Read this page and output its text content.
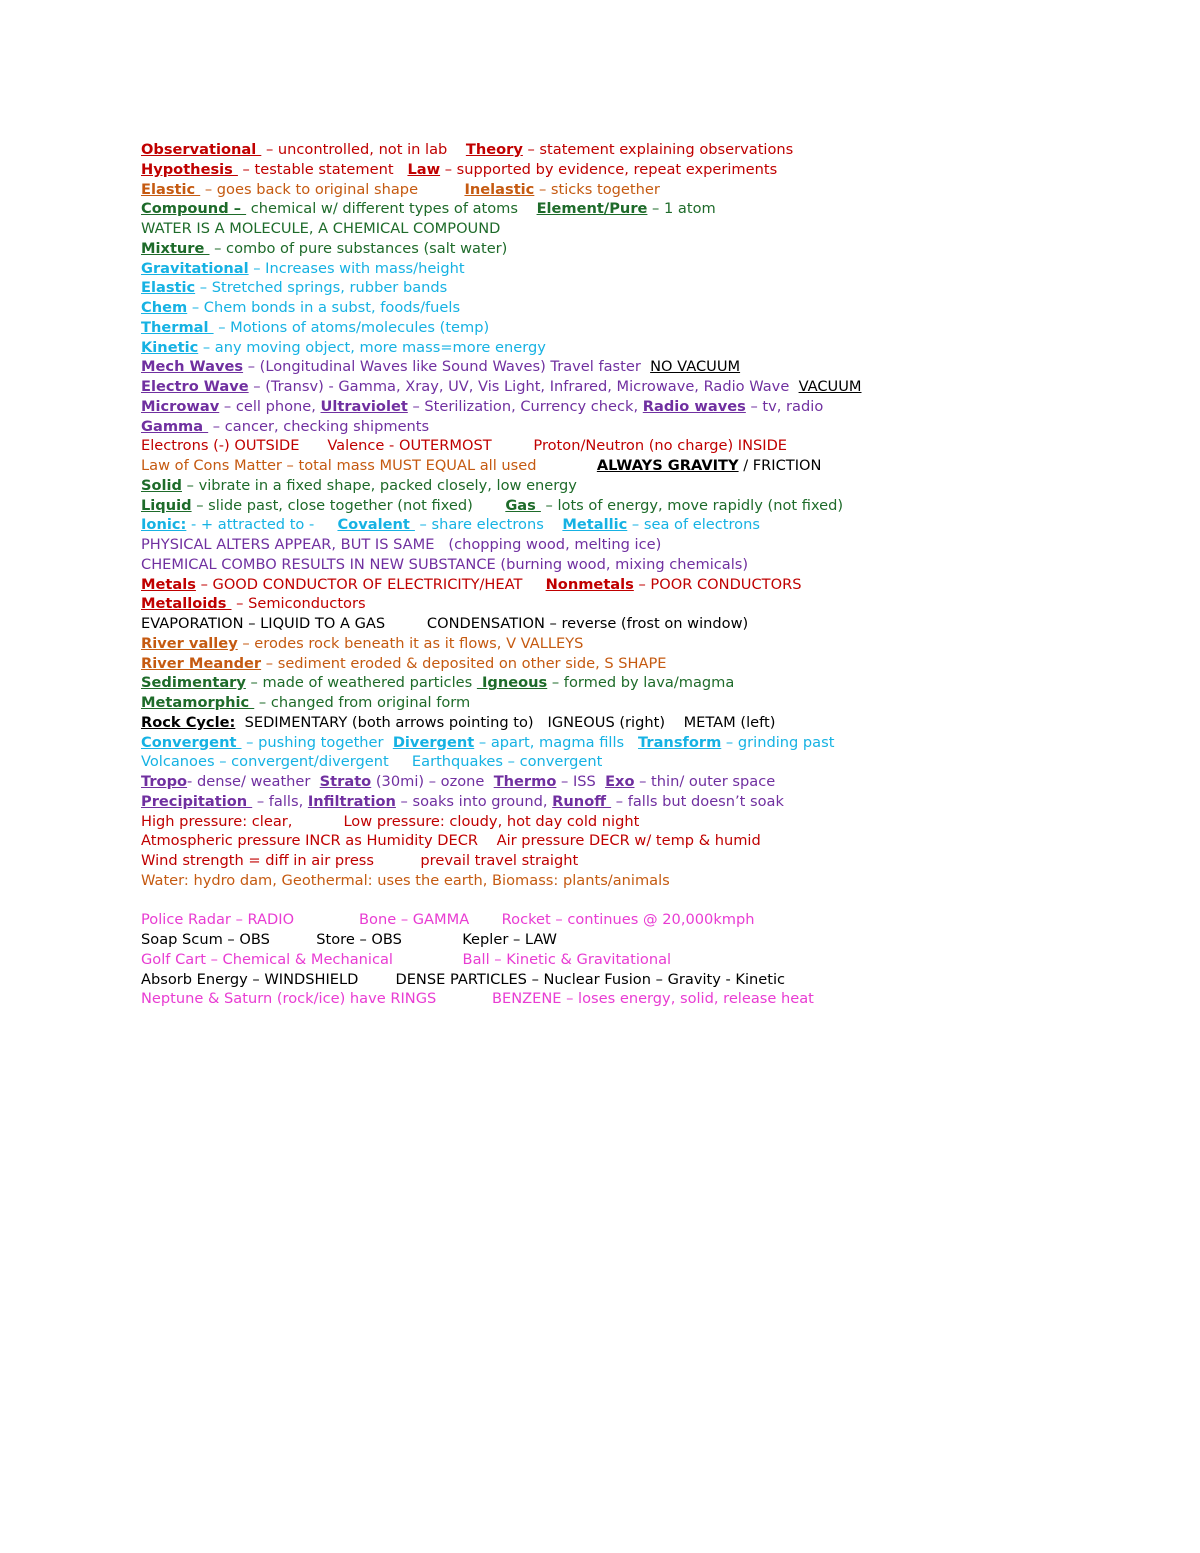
Observational  – uncontrolled, not in lab    Theory – statement explaining observations
Hypothesis  – testable statement   Law – supported by evidence, repeat experiments
Elastic  – goes back to original shape          Inelastic – sticks together
Compound –  chemical w/ different types of atoms    Element/Pure – 1 atom
WATER IS A MOLECULE, A CHEMICAL COMPOUND
Mixture  – combo of pure substances (salt water)
Gravitational – Increases with mass/height
Elastic – Stretched springs, rubber bands
Chem – Chem bonds in a subst, foods/fuels
Thermal  – Motions of atoms/molecules (temp)
Kinetic – any moving object, more mass=more energy
Mech Waves – (Longitudinal Waves like Sound Waves) Travel faster  NO VACUUM
Electro Wave – (Transv) - Gamma, Xray, UV, Vis Light, Infrared, Microwave, Radio Wave  VACUUM
Microwav – cell phone, Ultraviolet – Sterilization, Currency check, Radio waves – tv, radio
Gamma  – cancer, checking shipments
Electrons (-) OUTSIDE      Valence - OUTERMOST         Proton/Neutron (no charge) INSIDE
Law of Cons Matter – total mass MUST EQUAL all used             ALWAYS GRAVITY / FRICTION
Solid – vibrate in a fixed shape, packed closely, low energy
Liquid – slide past, close together (not fixed)       Gas  – lots of energy, move rapidly (not fixed)
Ionic: - + attracted to -     Covalent  – share electrons    Metallic – sea of electrons
PHYSICAL ALTERS APPEAR, BUT IS SAME   (chopping wood, melting ice)
CHEMICAL COMBO RESULTS IN NEW SUBSTANCE (burning wood, mixing chemicals)
Metals – GOOD CONDUCTOR OF ELECTRICITY/HEAT     Nonmetals – POOR CONDUCTORS
Metalloids  – Semiconductors
EVAPORATION – LIQUID TO A GAS         CONDENSATION – reverse (frost on window)
River valley – erodes rock beneath it as it flows, V VALLEYS
River Meander – sediment eroded & deposited on other side, S SHAPE
Sedimentary – made of weathered particles  Igneous – formed by lava/magma
Metamorphic  – changed from original form
Rock Cycle:  SEDIMENTARY (both arrows pointing to)   IGNEOUS (right)    METAM (left)
Convergent  – pushing together  Divergent – apart, magma fills   Transform – grinding past
Volcanoes – convergent/divergent     Earthquakes – convergent
Tropo- dense/ weather  Strato (30mi) – ozone  Thermo – ISS  Exo – thin/ outer space
Precipitation  – falls, Infiltration – soaks into ground, Runoff  – falls but doesn’t soak
High pressure: clear,           Low pressure: cloudy, hot day cold night
Atmospheric pressure INCR as Humidity DECR    Air pressure DECR w/ temp & humid
Wind strength = diff in air press          prevail travel straight
Water: hydro dam, Geothermal: uses the earth, Biomass: plants/animals
Police Radar – RADIO              Bone – GAMMA       Rocket – continues @ 20,000kmph
Soap Scum – OBS          Store – OBS             Kepler – LAW
Golf Cart – Chemical & Mechanical               Ball – Kinetic & Gravitational
Absorb Energy – WINDSHIELD        DENSE PARTICLES – Nuclear Fusion – Gravity - Kinetic
Neptune & Saturn (rock/ice) have RINGS            BENZENE – loses energy, solid, release heat
